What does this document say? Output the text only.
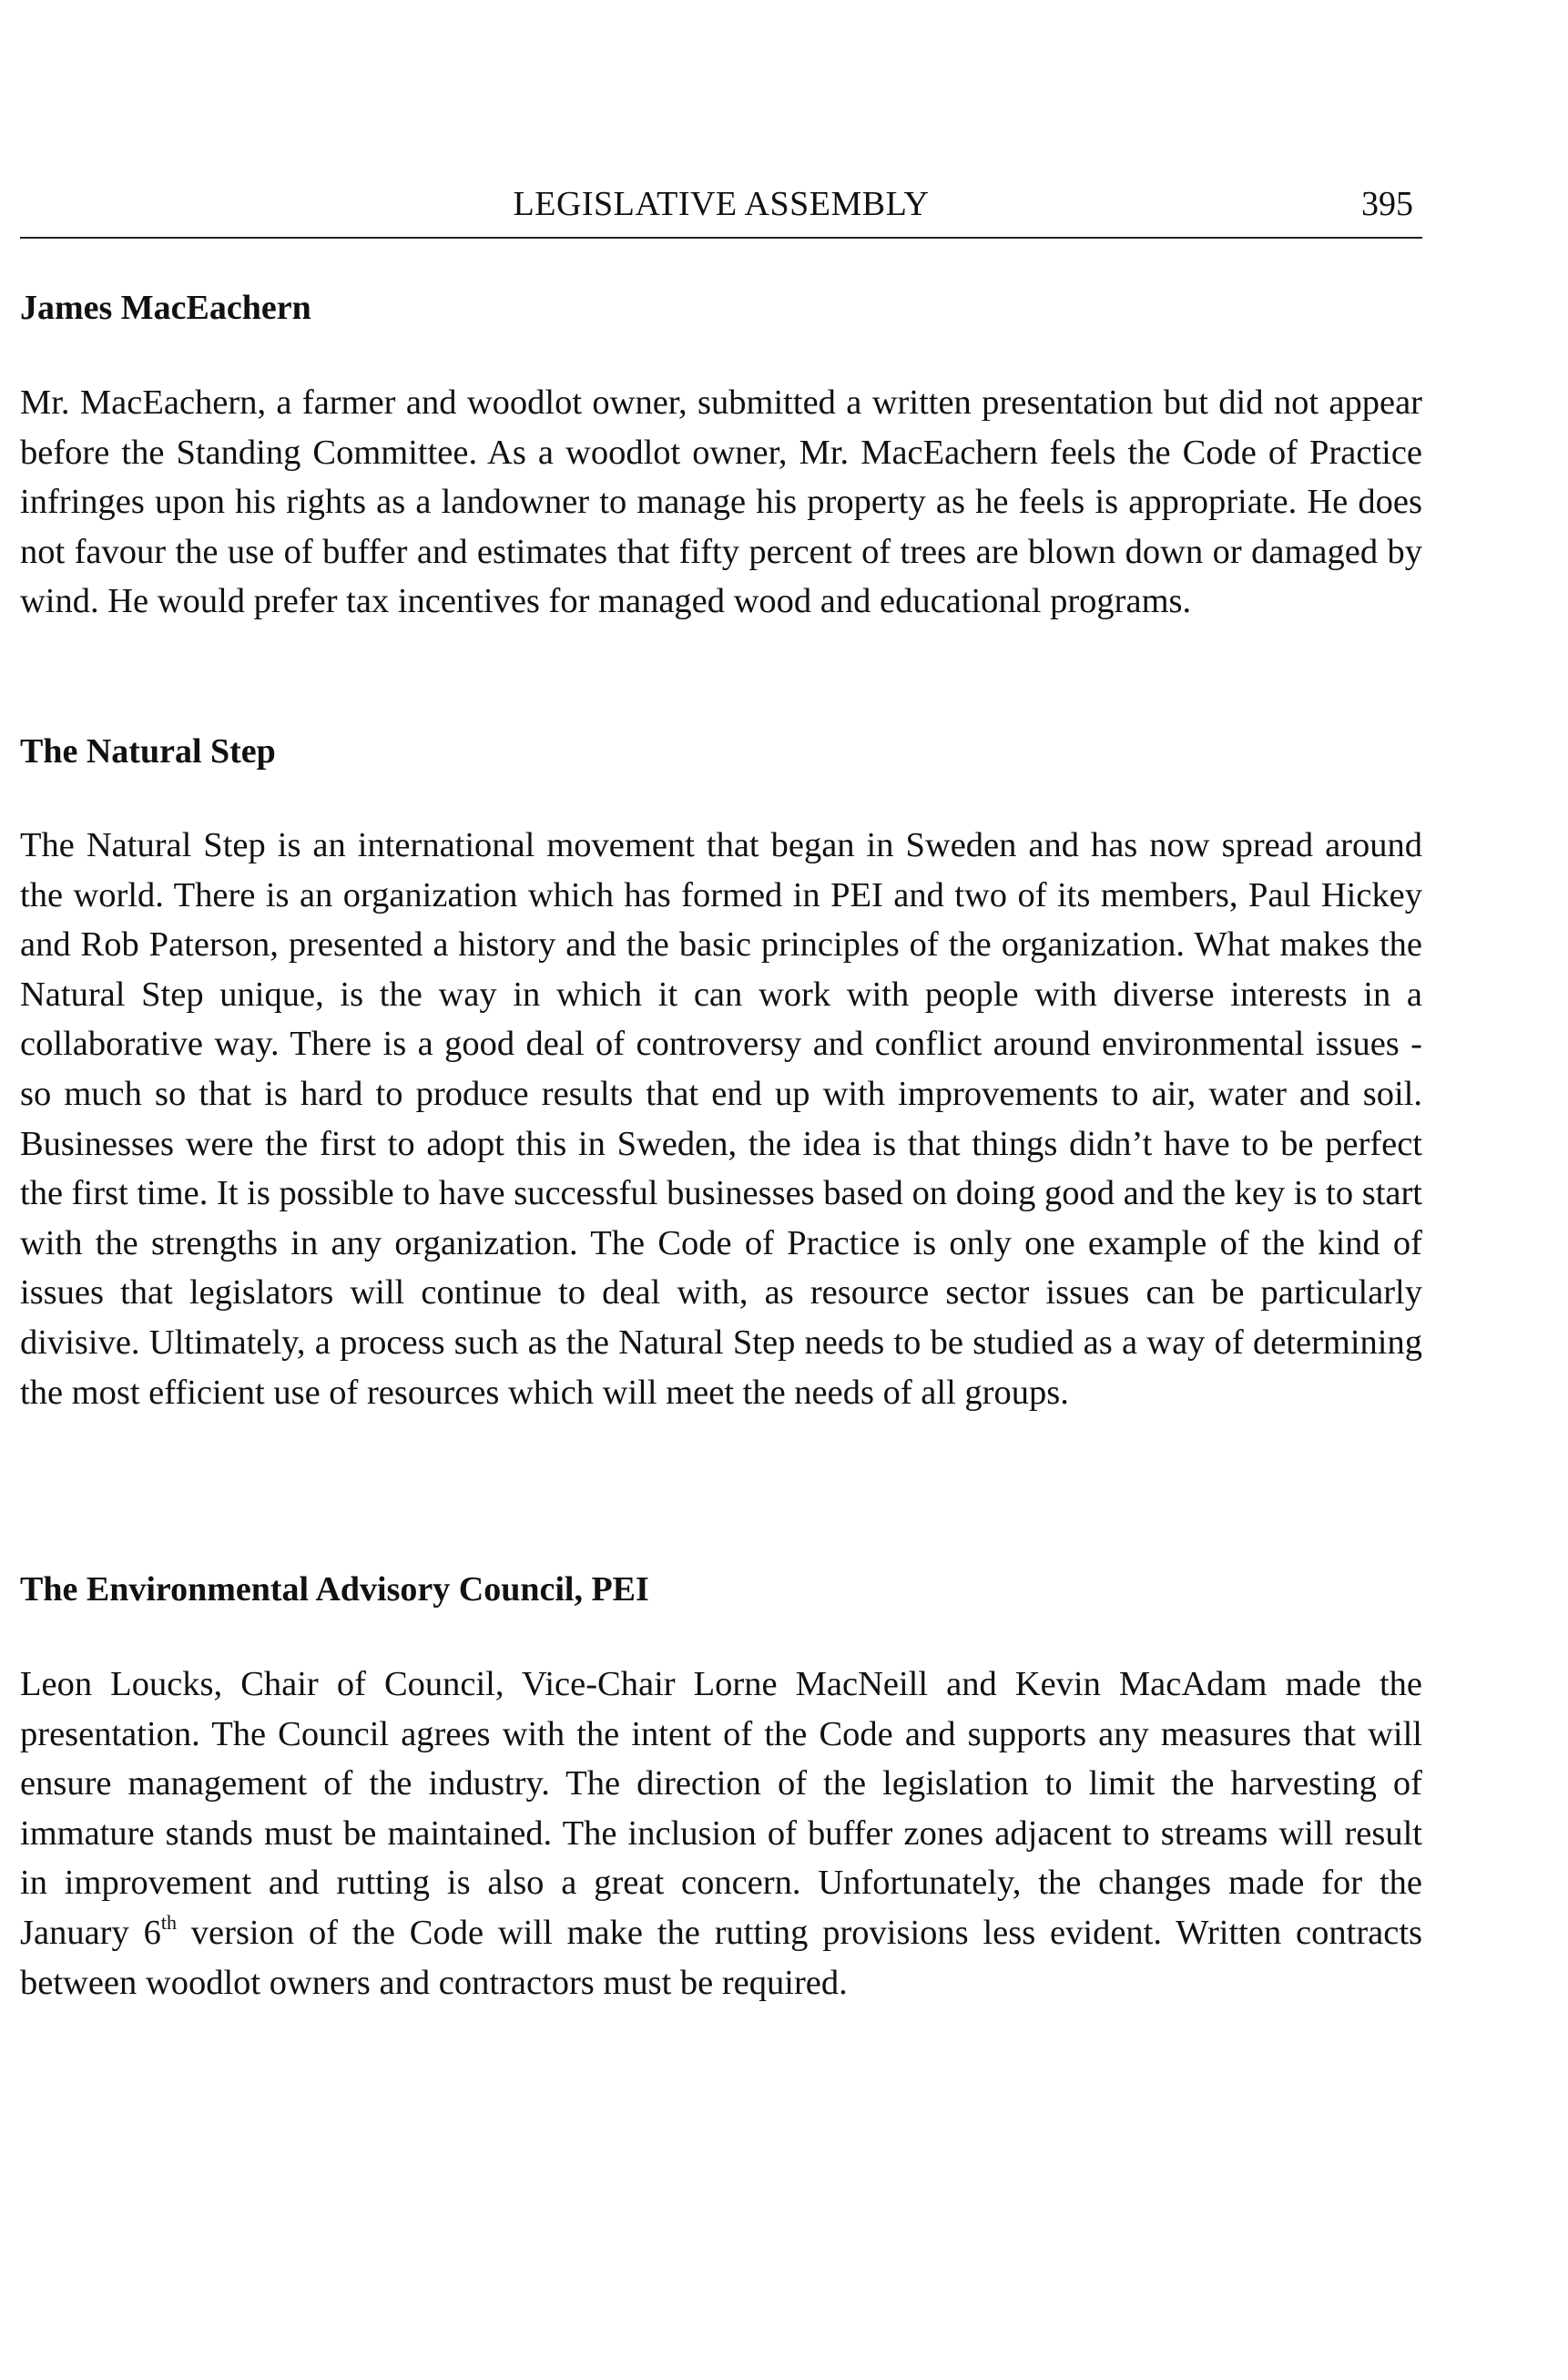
LEGISLATIVE ASSEMBLY	395
James MacEachern

Mr. MacEachern, a farmer and woodlot owner, submitted a written presentation but did not appear before the Standing Committee. As a woodlot owner, Mr. MacEachern feels the Code of Practice infringes upon his rights as a landowner to manage his property as he feels is appropriate. He does not favour the use of buffer and estimates that fifty percent of trees are blown down or damaged by wind. He would prefer tax incentives for managed wood and educational programs.

The Natural Step

The Natural Step is an international movement that began in Sweden and has now spread around the world. There is an organization which has formed in PEI and two of its members, Paul Hickey and Rob Paterson, presented a history and the basic principles of the organization. What makes the Natural Step unique, is the way in which it can work with people with diverse interests in a collaborative way. There is a good deal of controversy and conflict around environmental issues - so much so that is hard to produce results that end up with improvements to air, water and soil. Businesses were the first to adopt this in Sweden, the idea is that things didn’t have to be perfect the first time. It is possible to have successful businesses based on doing good and the key is to start with the strengths in any organization. The Code of Practice is only one example of the kind of issues that legislators will continue to deal with, as resource sector issues can be particularly divisive. Ultimately, a process such as the Natural Step needs to be studied as a way of determining the most efficient use of resources which will meet the needs of all groups.

The Environmental Advisory Council, PEI

Leon Loucks, Chair of Council, Vice-Chair Lorne MacNeill and Kevin MacAdam made the presentation. The Council agrees with the intent of the Code and supports any measures that will ensure management of the industry. The direction of the legislation to limit the harvesting of immature stands must be maintained. The inclusion of buffer zones adjacent to streams will result in improvement and rutting is also a great concern. Unfortunately, the changes made for the January 6th version of the Code will make the rutting provisions less evident. Written contracts between woodlot owners and contractors must be required.
